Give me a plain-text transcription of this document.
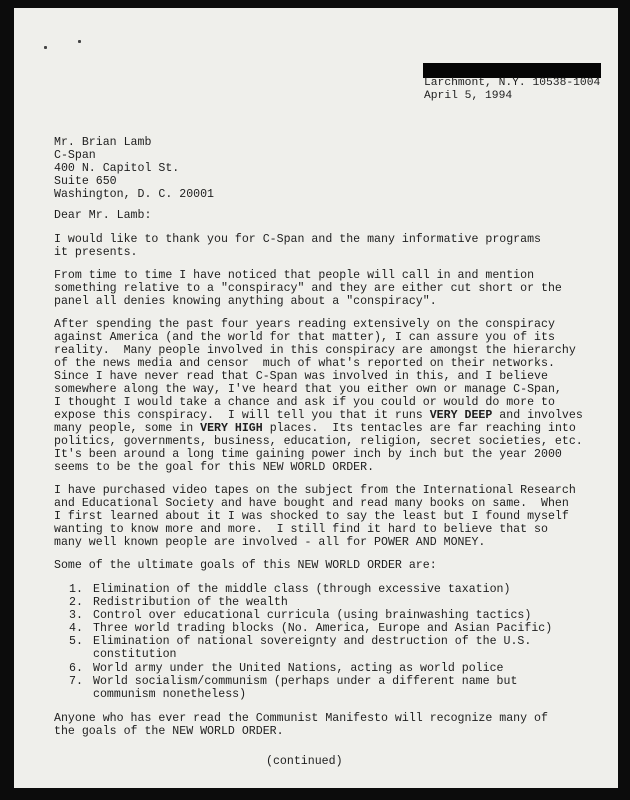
Larchmont, N.Y. 10538-1004
April 5, 1994
Mr. Brian Lamb
C-Span
400 N. Capitol St.
Suite 650
Washington, D. C. 20001
Dear Mr. Lamb:
I would like to thank you for C-Span and the many informative programs
it presents.
From time to time I have noticed that people will call in and mention
something relative to a "conspiracy" and they are either cut short or the
panel all denies knowing anything about a "conspiracy".
After spending the past four years reading extensively on the conspiracy
against America (and the world for that matter), I can assure you of its
reality.  Many people involved in this conspiracy are amongst the hierarchy
of the news media and censor  much of what's reported on their networks.
Since I have never read that C-Span was involved in this, and I believe
somewhere along the way, I've heard that you either own or manage C-Span,
I thought I would take a chance and ask if you could or would do more to
expose this conspiracy.  I will tell you that it runs VERY DEEP and involves
many people, some in VERY HIGH places.  Its tentacles are far reaching into
politics, governments, business, education, religion, secret societies, etc.
It's been around a long time gaining power inch by inch but the year 2000
seems to be the goal for this NEW WORLD ORDER.
I have purchased video tapes on the subject from the International Research
and Educational Society and have bought and read many books on same.  When
I first learned about it I was shocked to say the least but I found myself
wanting to know more and more.  I still find it hard to believe that so
many well known people are involved - all for POWER AND MONEY.
Some of the ultimate goals of this NEW WORLD ORDER are:
1. Elimination of the middle class (through excessive taxation)
2. Redistribution of the wealth
3. Control over educational curricula (using brainwashing tactics)
4. Three world trading blocks (No. America, Europe and Asian Pacific)
5. Elimination of national sovereignty and destruction of the U.S.
constitution
6. World army under the United Nations, acting as world police
7. World socialism/communism (perhaps under a different name but
communism nonetheless)
Anyone who has ever read the Communist Manifesto will recognize many of
the goals of the NEW WORLD ORDER.
(continued)
